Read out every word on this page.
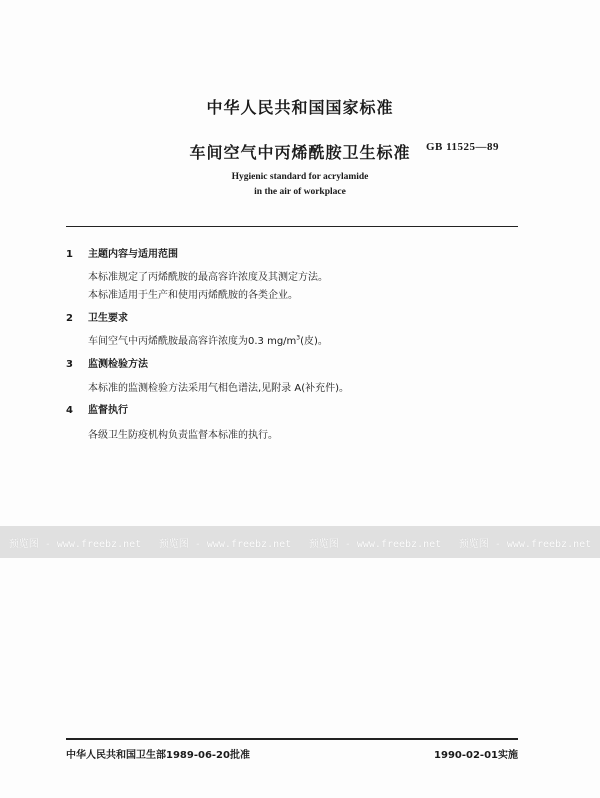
中华人民共和国国家标准
车间空气中丙烯酰胺卫生标准	GB 11525—89
Hygienic standard for acrylamide
in the air of workplace
1 主题内容与适用范围
本标准规定了丙烯酰胺的最高容许浓度及其测定方法。
本标准适用于生产和使用丙烯酰胺的各类企业。
2 卫生要求
车间空气中丙烯酰胺最高容许浓度为0.3 $mg/m^3$(皮)。
3 监测检验方法
本标准的监测检验方法采用气相色谱法,见附录 A(补充件)。
4 监督执行
各级卫生防疫机构负责监督本标准的执行。
预览图 - www.freebz.net 预览图 - www.freebz.net 预览图 - www.freebz.net 预览图 - www.freebz.net
中华人民共和国卫生部1989-06-20批准	1990-02-01实施
